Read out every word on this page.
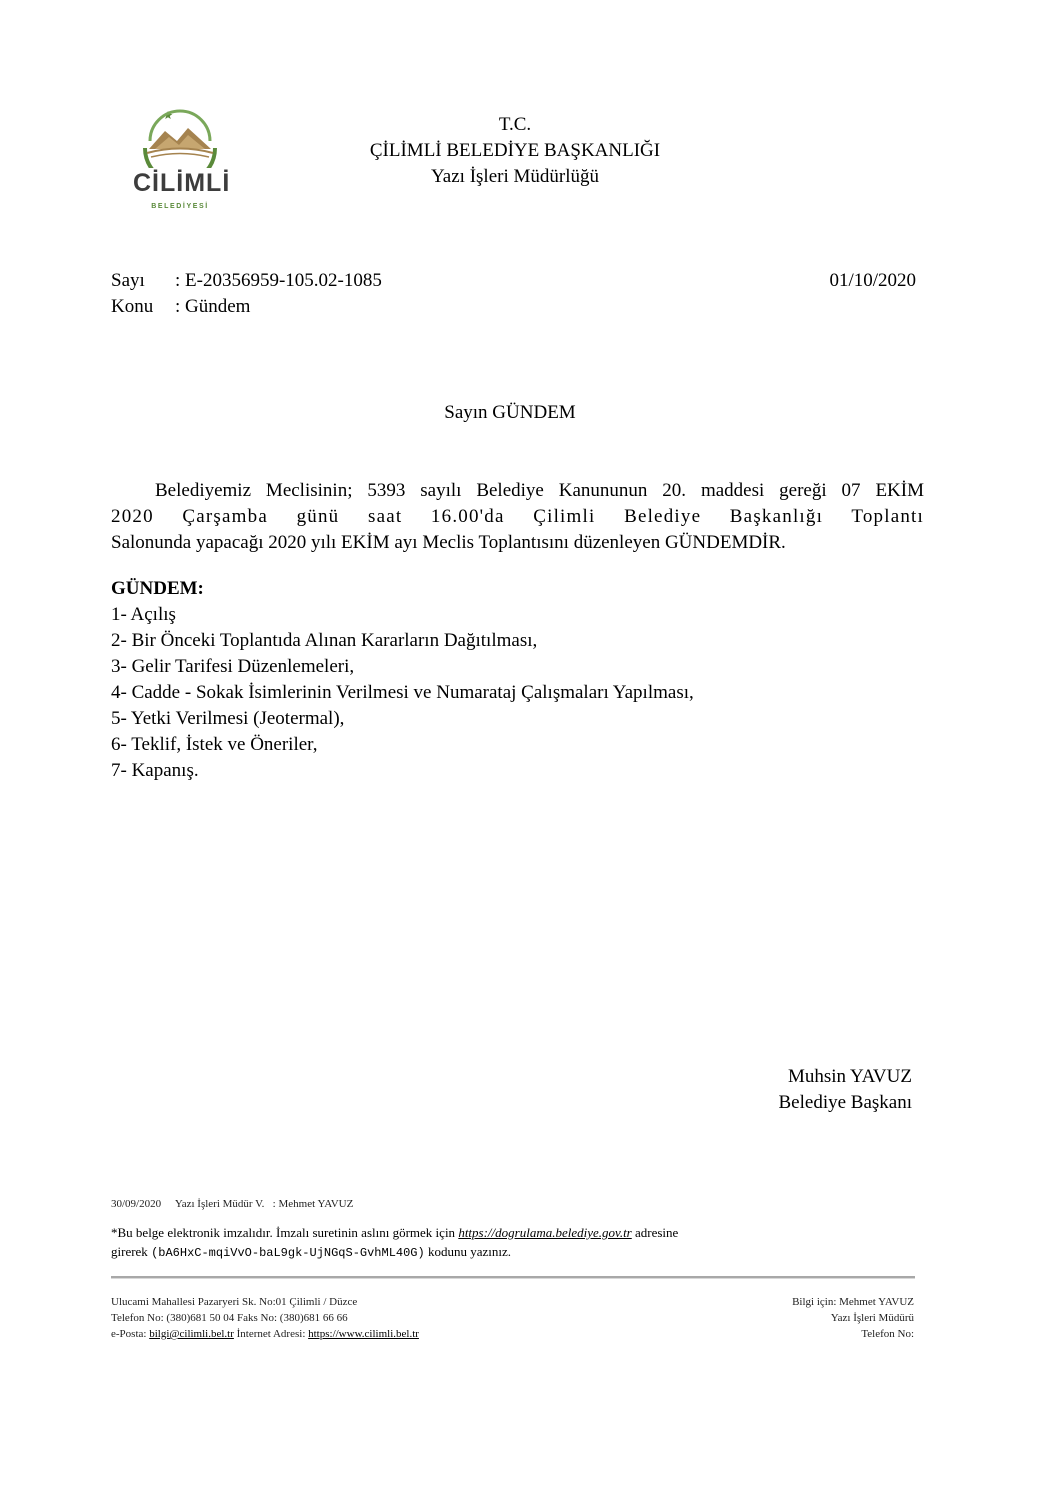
CİLİMLİ
BELEDİYESİ
T.C.
ÇİLİMLİ BELEDİYE BAŞKANLIĞI
Yazı İşleri Müdürlüğü
Sayı : E-20356959-105.02-1085
Konu : Gündem
01/10/2020
Sayın GÜNDEM
Belediyemiz Meclisinin; 5393 sayılı Belediye Kanununun 20. maddesi gereği 07 EKİM
2020 Çarşamba günü saat 16.00'da Çilimli Belediye Başkanlığı Toplantı
Salonunda yapacağı 2020 yılı EKİM ayı Meclis Toplantısını düzenleyen GÜNDEMDİR.
GÜNDEM:
1- Açılış
2- Bir Önceki Toplantıda Alınan Kararların Dağıtılması,
3- Gelir Tarifesi Düzenlemeleri,
4- Cadde - Sokak İsimlerinin Verilmesi ve Numarataj Çalışmaları Yapılması,
5- Yetki Verilmesi (Jeotermal),
6- Teklif, İstek ve Öneriler,
7- Kapanış.
Muhsin YAVUZ
Belediye Başkanı
30/09/2020 Yazı İşleri Müdür V. : Mehmet YAVUZ
*Bu belge elektronik imzalıdır. İmzalı suretinin aslını görmek için https://dogrulama.belediye.gov.tr adresine
girerek (bA6HxC-mqiVvO-baL9gk-UjNGqS-GvhML40G) kodunu yazınız.
Ulucami Mahallesi Pazaryeri Sk. No:01 Çilimli / Düzce
Telefon No: (380)681 50 04 Faks No: (380)681 66 66
e-Posta: bilgi@cilimli.bel.tr İnternet Adresi: https://www.cilimli.bel.tr
Bilgi için: Mehmet YAVUZ
Yazı İşleri Müdürü
Telefon No:
